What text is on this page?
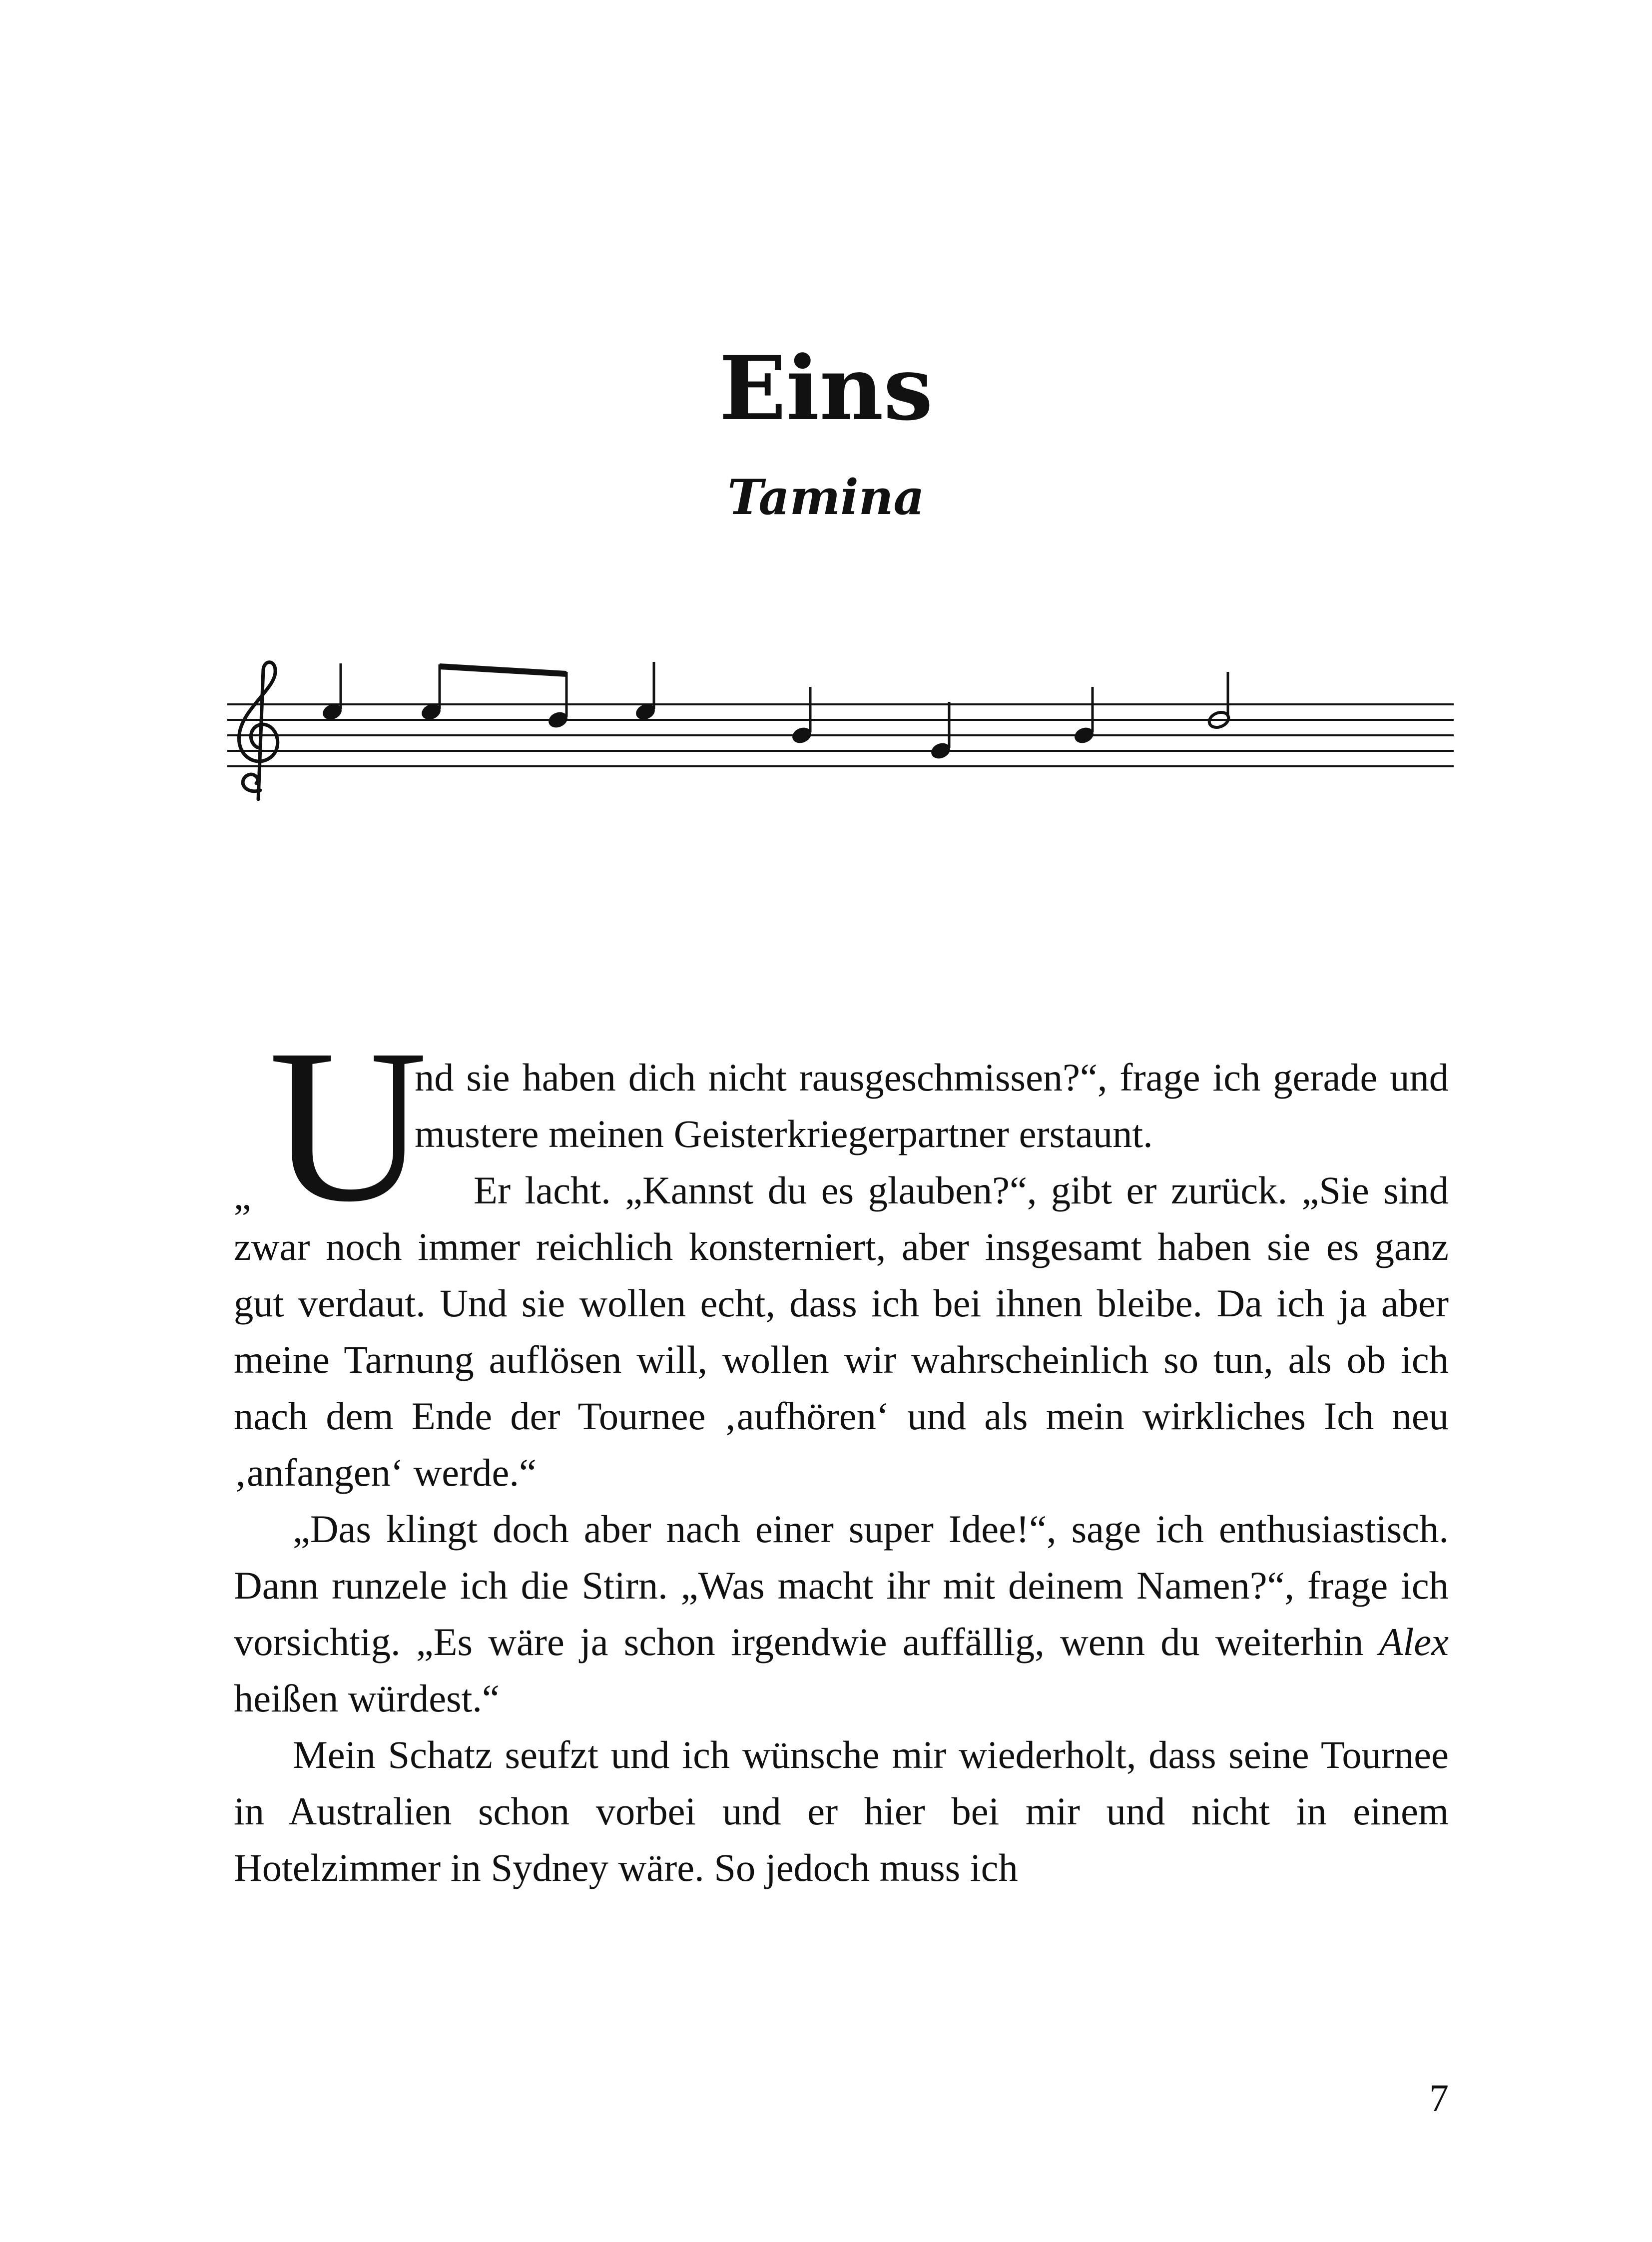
Eins
Tamina

„ U
nd sie haben dich nicht rausgeschmissen?“, frage ich gerade und mustere meinen Geisterkriegerpartner erstaunt.

Er lacht. „Kannst du es glauben?“, gibt er zurück. „Sie sind zwar noch immer reichlich konsterniert, aber insgesamt haben sie es ganz gut verdaut. Und sie wollen echt, dass ich bei ihnen bleibe. Da ich ja aber meine Tarnung auflösen will, wollen wir wahrscheinlich so tun, als ob ich nach dem Ende der Tournee ‚aufhören‘ und als mein wirkliches Ich neu ‚anfangen‘ werde.“

„Das klingt doch aber nach einer super Idee!“, sage ich enthusiastisch. Dann runzele ich die Stirn. „Was macht ihr mit deinem Namen?“, frage ich vorsichtig. „Es wäre ja schon irgendwie auffällig, wenn du weiterhin Alex heißen würdest.“

Mein Schatz seufzt und ich wünsche mir wiederholt, dass seine Tournee in Australien schon vorbei und er hier bei mir und nicht in einem Hotelzimmer in Sydney wäre. So jedoch muss ich

7
